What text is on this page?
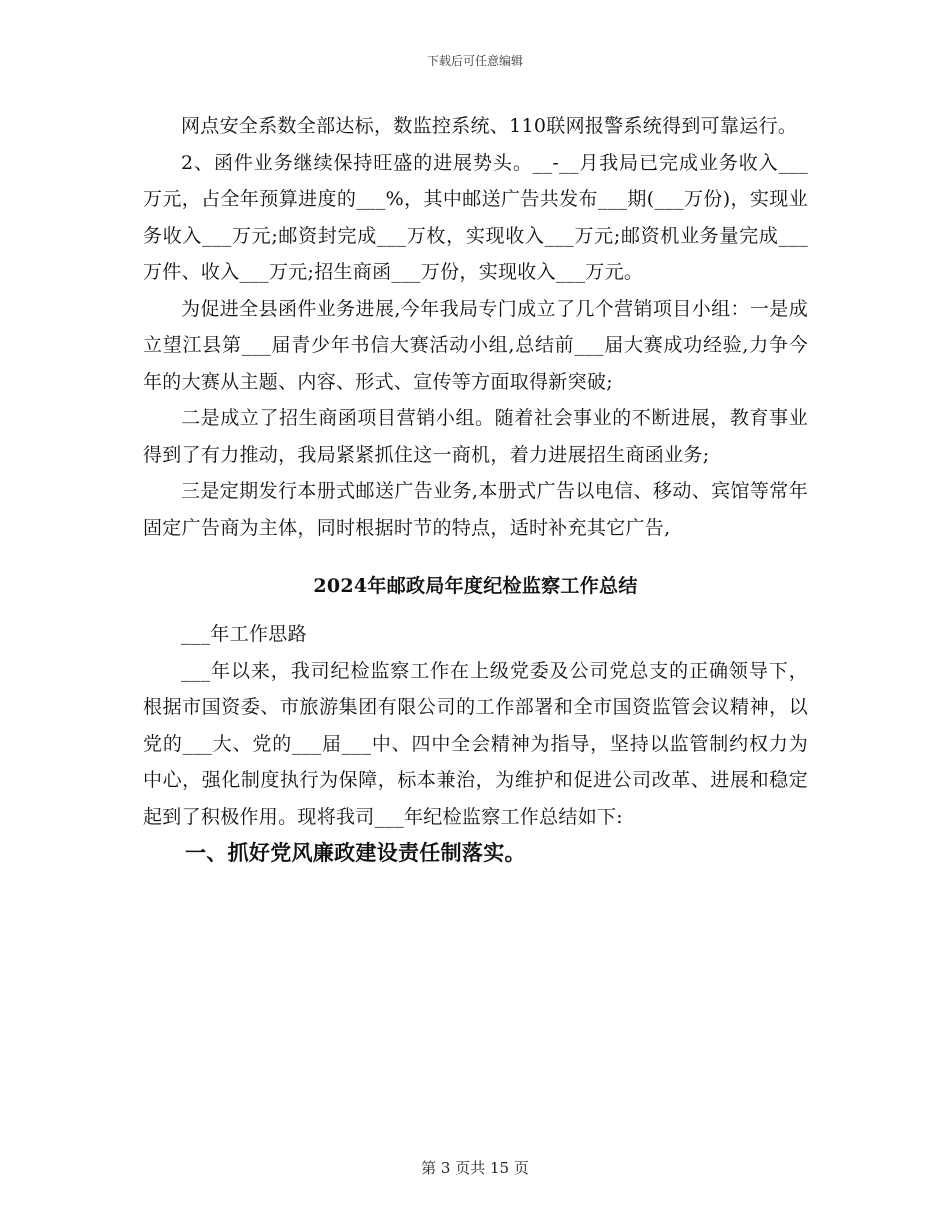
下载后可任意编辑

网点安全系数全部达标，数监控系统、110联网报警系统得到可靠运行。

2、函件业务继续保持旺盛的进展势头。__-__月我局已完成业务收入___万元，占全年预算进度的___%，其中邮送广告共发布___期(___万份)，实现业务收入___万元;邮资封完成___万枚，实现收入___万元;邮资机业务量完成___万件、收入___万元;招生商函___万份，实现收入___万元。

为促进全县函件业务进展,今年我局专门成立了几个营销项目小组：一是成立望江县第___届青少年书信大赛活动小组,总结前___届大赛成功经验,力争今年的大赛从主题、内容、形式、宣传等方面取得新突破;

二是成立了招生商函项目营销小组。随着社会事业的不断进展，教育事业得到了有力推动，我局紧紧抓住这一商机，着力进展招生商函业务;

三是定期发行本册式邮送广告业务,本册式广告以电信、移动、宾馆等常年固定广告商为主体，同时根据时节的特点，适时补充其它广告,

2024年邮政局年度纪检监察工作总结

___年工作思路

___年以来，我司纪检监察工作在上级党委及公司党总支的正确领导下，根据市国资委、市旅游集团有限公司的工作部署和全市国资监管会议精神，以党的___大、党的___届___中、四中全会精神为指导，坚持以监管制约权力为中心，强化制度执行为保障，标本兼治，为维护和促进公司改革、进展和稳定起到了积极作用。现将我司___年纪检监察工作总结如下:

一、抓好党风廉政建设责任制落实。

第 3 页共 15 页
